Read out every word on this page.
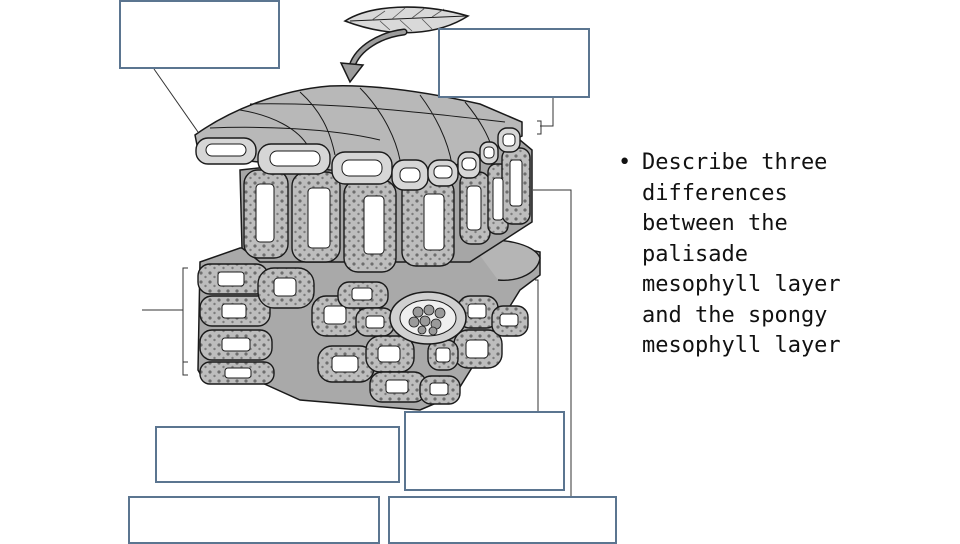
• Describe three differences between the palisade mesophyll layer and the spongy mesophyll layer
